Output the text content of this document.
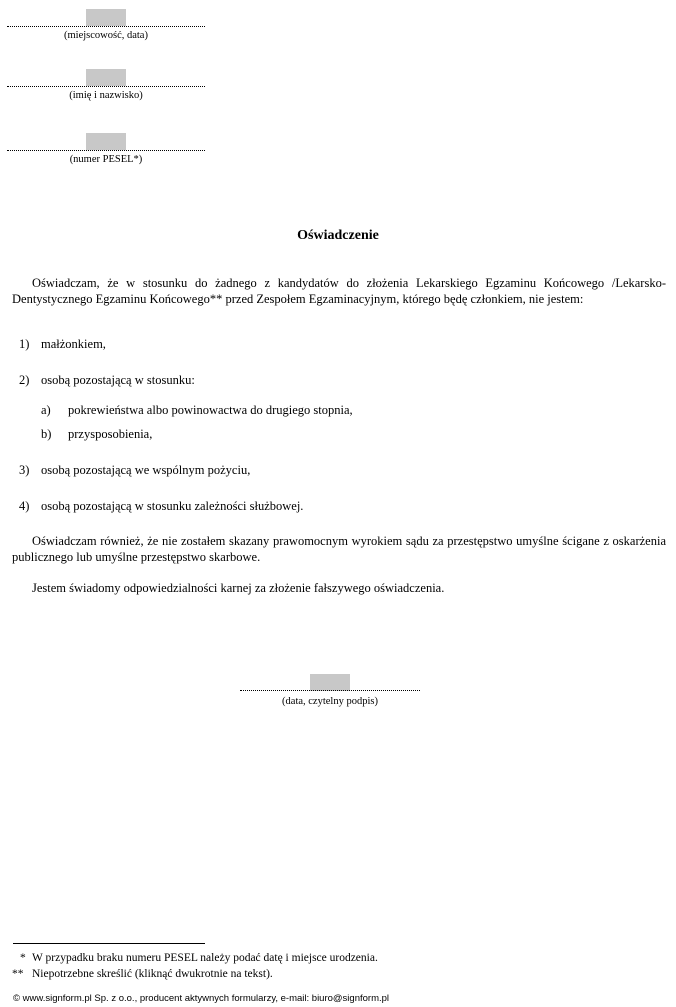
(miejscowość, data)
(imię i nazwisko)
(numer PESEL*)
Oświadczenie
Oświadczam, że w stosunku do żadnego z kandydatów do złożenia Lekarskiego Egzaminu Końcowego /Lekarsko-Dentystycznego Egzaminu Końcowego** przed Zespołem Egzaminacyjnym, którego będę członkiem, nie jestem:
1) małżonkiem,
2) osobą pozostającą w stosunku:
a) pokrewieństwa albo powinowactwa do drugiego stopnia,
b) przysposobienia,
3) osobą pozostającą we wspólnym pożyciu,
4) osobą pozostającą w stosunku zależności służbowej.
Oświadczam również, że nie zostałem skazany prawomocnym wyrokiem sądu za przestępstwo umyślne ścigane z oskarżenia publicznego lub umyślne przestępstwo skarbowe.
Jestem świadomy odpowiedzialności karnej za złożenie fałszywego oświadczenia.
(data, czytelny podpis)
* W przypadku braku numeru PESEL należy podać datę i miejsce urodzenia.
** Niepotrzebne skreślić (kliknąć dwukrotnie na tekst).
© www.signform.pl Sp. z o.o., producent aktywnych formularzy, e-mail: biuro@signform.pl
